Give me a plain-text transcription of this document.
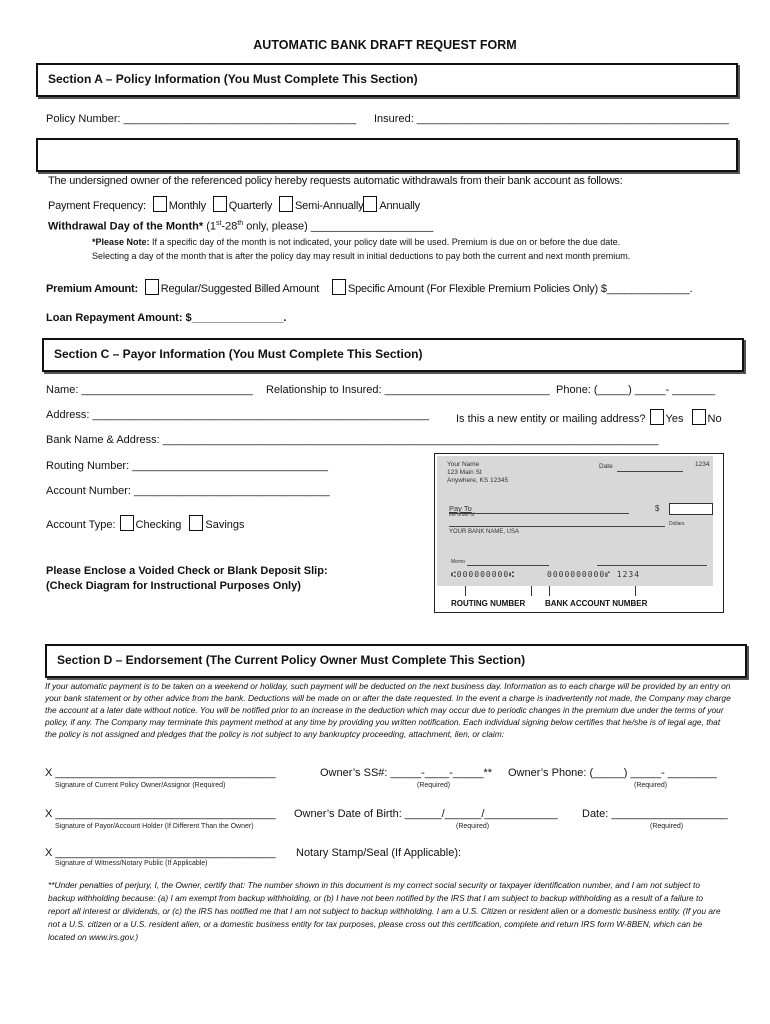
AUTOMATIC BANK DRAFT REQUEST FORM
Section A – Policy Information (You Must Complete This Section)
Policy Number: ______________________________________ Insured: ___________________________________________________
The undersigned owner of the referenced policy hereby requests automatic withdrawals from their bank account as follows:
Payment Frequency: Monthly Quarterly Semi-Annually Annually
Withdrawal Day of the Month* (1st-28th only, please) ____________________
*Please Note: If a specific day of the month is not indicated, your policy date will be used. Premium is due on or before the due date.
Selecting a day of the month that is after the policy day may result in initial deductions to pay both the current and next month premium.
Premium Amount: Regular/Suggested Billed Amount	Specific Amount (For Flexible Premium Policies Only) $______________.
Loan Repayment Amount: $_______________.
Section C – Payor Information (You Must Complete This Section)
Name: ____________________________ Relationship to Insured: ___________________________ Phone: (_____) _____- _______
Address: _______________________________________________________ Is this a new entity or mailing address? Yes No
Bank Name & Address: _________________________________________________________________________________
Routing Number: ________________________________
Account Number: ________________________________
Account Type: Checking Savings
Please Enclose a Voided Check or Blank Deposit Slip:
(Check Diagram for Instructional Purposes Only)
Your Name
123 Main St
Anywhere, KS 12345
Date	1234
Pay To
the order of
$
Dollars
YOUR BANK NAME, USA
Memo
⑆000000000⑆	0000000000⑈ 1234
ROUTING NUMBER BANK ACCOUNT NUMBER
Section D – Endorsement (The Current Policy Owner Must Complete This Section)
If your automatic payment is to be taken on a weekend or holiday, such payment will be deducted on the next business day. Information as to each charge will be provided by an entry on your bank statement or by other advice from the bank. Deductions will be made on or after the date requested. In the event a charge is inadvertently not made, the Company may charge the account at a later date without notice. You will be notified prior to an increase in the deduction which may occur due to periodic changes in the premium due under the terms of your policy, if any. The Company may terminate this payment method at any time by providing you written notification. Each individual signing below certifies that he/she is of legal age, that the policy is not assigned and pledges that the policy is not subject to any bankruptcy proceeding, attachment, lien, or claim:
X ____________________________________	Owner’s SS#: _____-____-_____** Owner’s Phone: (_____) _____- ________
Signature of Current Policy Owner/Assignor (Required)	(Required)	(Required)
X ____________________________________ Owner’s Date of Birth: ______/______/____________ Date: ___________________
Signature of Payor/Account Holder (If Different Than the Owner)	(Required)	(Required)
X ____________________________________ Notary Stamp/Seal (If Applicable):
Signature of Witness/Notary Public (If Applicable)
**Under penalties of perjury, I, the Owner, certify that: The number shown in this document is my correct social security or taxpayer identification number, and I am not subject to backup withholding because: (a) I am exempt from backup withholding, or (b) I have not been notified by the IRS that I am subject to backup withholding as a result of a failure to report all interest or dividends, or (c) the IRS has notified me that I am not subject to backup withholding. I am a U.S. Citizen or resident alien or a domestic business entity. (If you are not a U.S. citizen or a U.S. resident alien, or a domestic business entity for tax purposes, please cross out this certification, complete and return IRS form W-8BEN, which can be located on www.irs.gov.)
